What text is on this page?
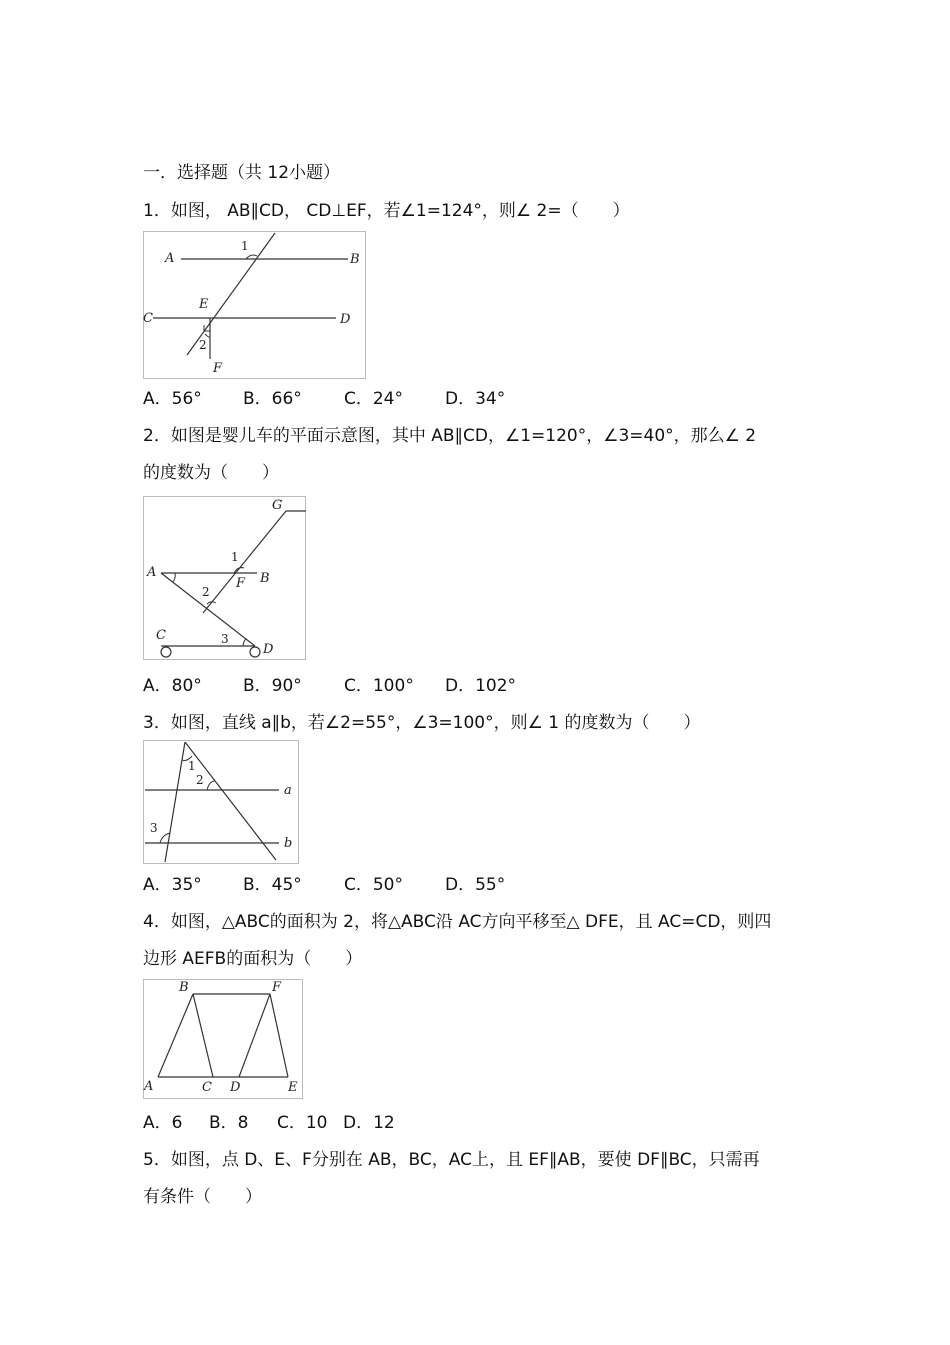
一．选择题（共 12小题）
1．如图， AB∥CD， CD⊥EF，若∠1=124°，则∠ 2=（　　）
A	B
C	D
E
F
1
2
A．56° B．66° C．24° D．34°
2．如图是婴儿车的平面示意图，其中 AB∥CD，∠1=120°，∠3=40°，那么∠ 2
的度数为（　　）
A	B
C
D
F
G
1
2
3
A．80° B．90° C．100° D．102°
3．如图，直线 a∥b，若∠2=55°，∠3=100°，则∠ 1 的度数为（　　）
a
b
1
2
3
A．35° B．45° C．50° D．55°
4．如图，△ABC的面积为 2，将△ABC沿 AC方向平移至△ DFE，且 AC=CD，则四
边形 AEFB的面积为（　　）
A
B
C D	E
F
A．6 B．8 C．10 D．12
5．如图，点 D、E、F分别在 AB，BC，AC上，且 EF∥AB，要使 DF∥BC，只需再
有条件（　　）
